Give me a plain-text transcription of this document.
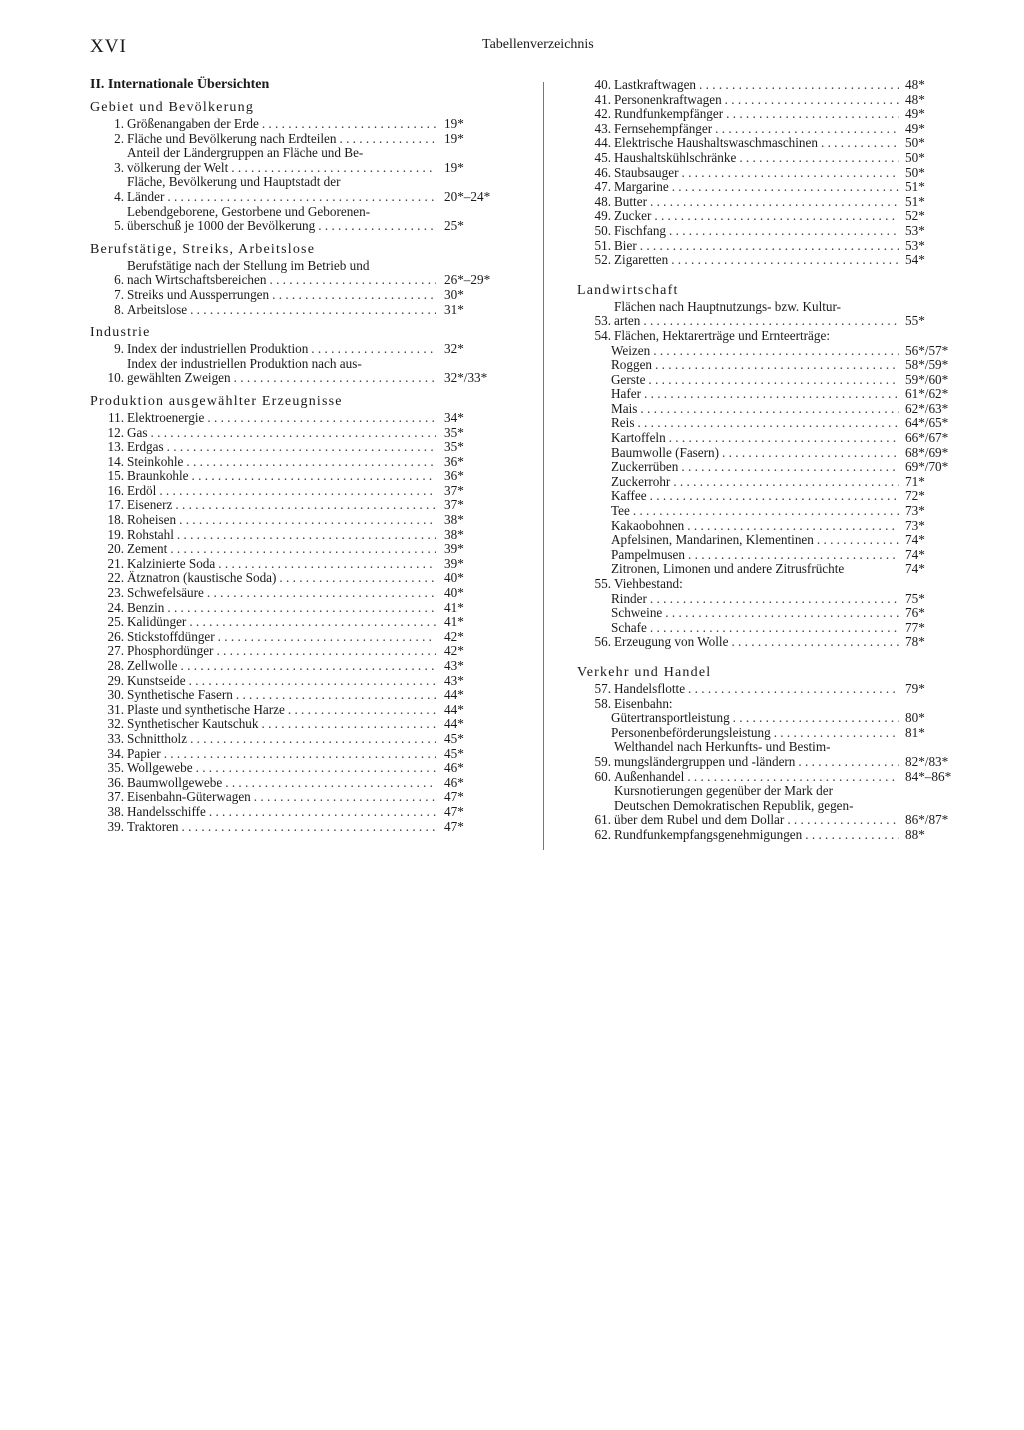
XVI	Tabellenverzeichnis
II. Internationale Übersichten
Gebiet und Bevölkerung
1. Größenangaben der Erde . . .	19*
2. Fläche und Bevölkerung nach Erdteilen . . .	19*
3.
Anteil der Ländergruppen an Fläche und Be-
völkerung der Welt . . .	19*
4.
Fläche, Bevölkerung und Hauptstadt der
Länder . . .	20*–24*
5.
Lebendgeborene, Gestorbene und Geborenen-
überschuß je 1000 der Bevölkerung . . .	25*
Berufstätige, Streiks, Arbeitslose
6.
Berufstätige nach der Stellung im Betrieb und
nach Wirtschaftsbereichen . . .	26*–29*
7. Streiks und Aussperrungen . . .	30*
8. Arbeitslose . . .	31*
Industrie
9. Index der industriellen Produktion . . .	32*
10.
Index der industriellen Produktion nach aus-
gewählten Zweigen . . .	32*/33*
Produktion ausgewählter Erzeugnisse
11. Elektroenergie . . .	34*
12. Gas . . .	35*
13. Erdgas . . .	35*
14. Steinkohle . . .	36*
15. Braunkohle . . .	36*
16. Erdöl . . .	37*
17. Eisenerz . . .	37*
18. Roheisen . . .	38*
19. Rohstahl . . .	38*
20. Zement . . .	39*
21. Kalzinierte Soda . . .	39*
22. Ätznatron (kaustische Soda) . . .	40*
23. Schwefelsäure . . .	40*
24. Benzin . . .	41*
25. Kalidünger . . .	41*
26. Stickstoffdünger . . .	42*
27. Phosphordünger . . .	42*
28. Zellwolle . . .	43*
29. Kunstseide . . .	43*
30. Synthetische Fasern . . .	44*
31. Plaste und synthetische Harze . . .	44*
32. Synthetischer Kautschuk . . .	44*
33. Schnittholz . . .	45*
34. Papier . . .	45*
35. Wollgewebe . . .	46*
36. Baumwollgewebe . . .	46*
37. Eisenbahn-Güterwagen . . .	47*
38. Handelsschiffe . . .	47*
39. Traktoren . . .	47*
40. Lastkraftwagen . . .	48*
41. Personenkraftwagen . . .	48*
42. Rundfunkempfänger . . .	49*
43. Fernsehempfänger . . .	49*
44. Elektrische Haushaltswaschmaschinen . . .	50*
45. Haushaltskühlschränke . . .	50*
46. Staubsauger . . .	50*
47. Margarine . . .	51*
48. Butter . . .	51*
49. Zucker . . .	52*
50. Fischfang . . .	53*
51. Bier . . .	53*
52. Zigaretten . . .	54*
Landwirtschaft
53.
Flächen nach Hauptnutzungs- bzw. Kultur-
arten . . .	55*
54. Flächen, Hektarerträge und Ernteerträge:
Weizen . . .	56*/57*
Roggen . . .	58*/59*
Gerste . . .	59*/60*
Hafer . . .	61*/62*
Mais . . .	62*/63*
Reis . . .	64*/65*
Kartoffeln . . .	66*/67*
Baumwolle (Fasern) . . .	68*/69*
Zuckerrüben . . .	69*/70*
Zuckerrohr . . .	71*
Kaffee . . .	72*
Tee . . .	73*
Kakaobohnen . . .	73*
Apfelsinen, Mandarinen, Klementinen . . .	74*
Pampelmusen . . .	74*
Zitronen, Limonen und andere Zitrusfrüchte	74*
55. Viehbestand:
Rinder . . .	75*
Schweine . . .	76*
Schafe . . .	77*
56. Erzeugung von Wolle . . .	78*
Verkehr und Handel
57. Handelsflotte . . .	79*
58. Eisenbahn:
Gütertransportleistung . . .	80*
Personenbeförderungsleistung . . .	81*
59.
Welthandel nach Herkunfts- und Bestim-
mungsländergruppen und -ländern . . .	82*/83*
60. Außenhandel . . .	84*–86*
61.
Kursnotierungen gegenüber der Mark der
Deutschen Demokratischen Republik, gegen-
über dem Rubel und dem Dollar . . .	86*/87*
62. Rundfunkempfangsgenehmigungen . . .	88*
